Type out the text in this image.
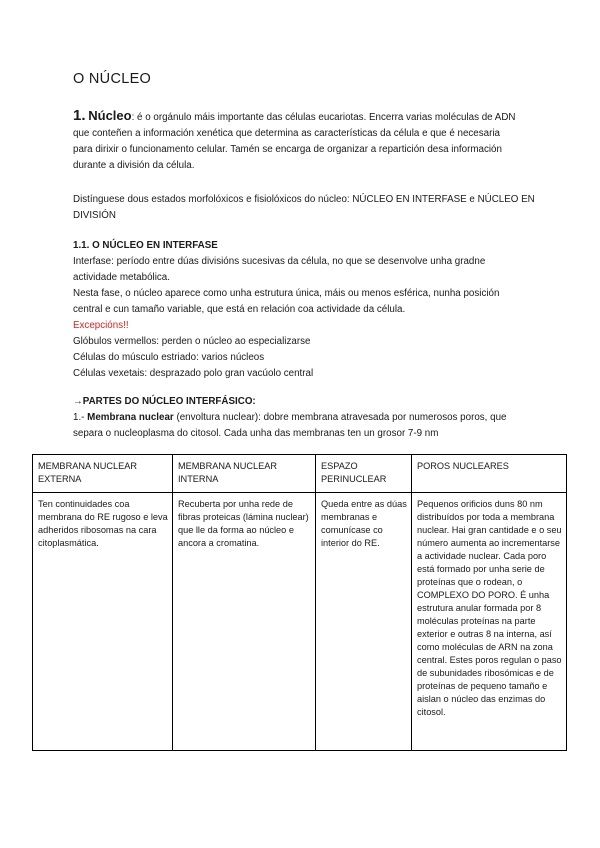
O NÚCLEO
1. Núcleo: é o orgánulo máis importante das células eucariotas. Encerra varias moléculas de ADN
que conteñen a información xenética que determina as características da célula e que é necesaria
para dirixir o funcionamento celular. Tamén se encarga de organizar a repartición desa información
durante a división da célula.
Distínguese dous estados morfolóxicos e fisiolóxicos do núcleo: NÚCLEO EN INTERFASE e NÚCLEO EN
DIVISIÓN
1.1. O NÚCLEO EN INTERFASE
Interfase: período entre dúas divisións sucesivas da célula, no que se desenvolve unha gradne
actividade metabólica.
Nesta fase, o núcleo aparece como unha estrutura única, máis ou menos esférica, nunha posición
central e cun tamaño variable, que está en relación coa actividade da célula.
Excepcións!!
Glóbulos vermellos: perden o núcleo ao especializarse
Células do músculo estriado: varios núcleos
Células vexetais: desprazado polo gran vacúolo central
→PARTES DO NÚCLEO INTERFÁSICO:
1.- Membrana nuclear (envoltura nuclear): dobre membrana atravesada por numerosos poros, que
separa o nucleoplasma do citosol. Cada unha das membranas ten un grosor 7-9 nm
MEMBRANA NUCLEAR EXTERNA	MEMBRANA NUCLEAR INTERNA	ESPAZO PERINUCLEAR	POROS NUCLEARES
Ten continuidades coa membrana do RE rugoso e leva adheridos ribosomas na cara citoplasmática.	Recuberta por unha rede de fibras proteicas (lámina nuclear) que lle da forma ao núcleo e ancora a cromatina.	Queda entre as dúas membranas e comunícase co interior do RE.	Pequenos orificios duns 80 nm distribuídos por toda a membrana nuclear. Hai gran cantidade e o seu número aumenta ao incrementarse a actividade nuclear. Cada poro está formado por unha serie de proteínas que o rodean, o COMPLEXO DO PORO. É unha estrutura anular formada por 8 moléculas proteínas na parte exterior e outras 8 na interna, así como moléculas de ARN na zona central. Estes poros regulan o paso de subunidades ribosómicas e de proteínas de pequeno tamaño e aislan o núcleo das enzimas do citosol.
